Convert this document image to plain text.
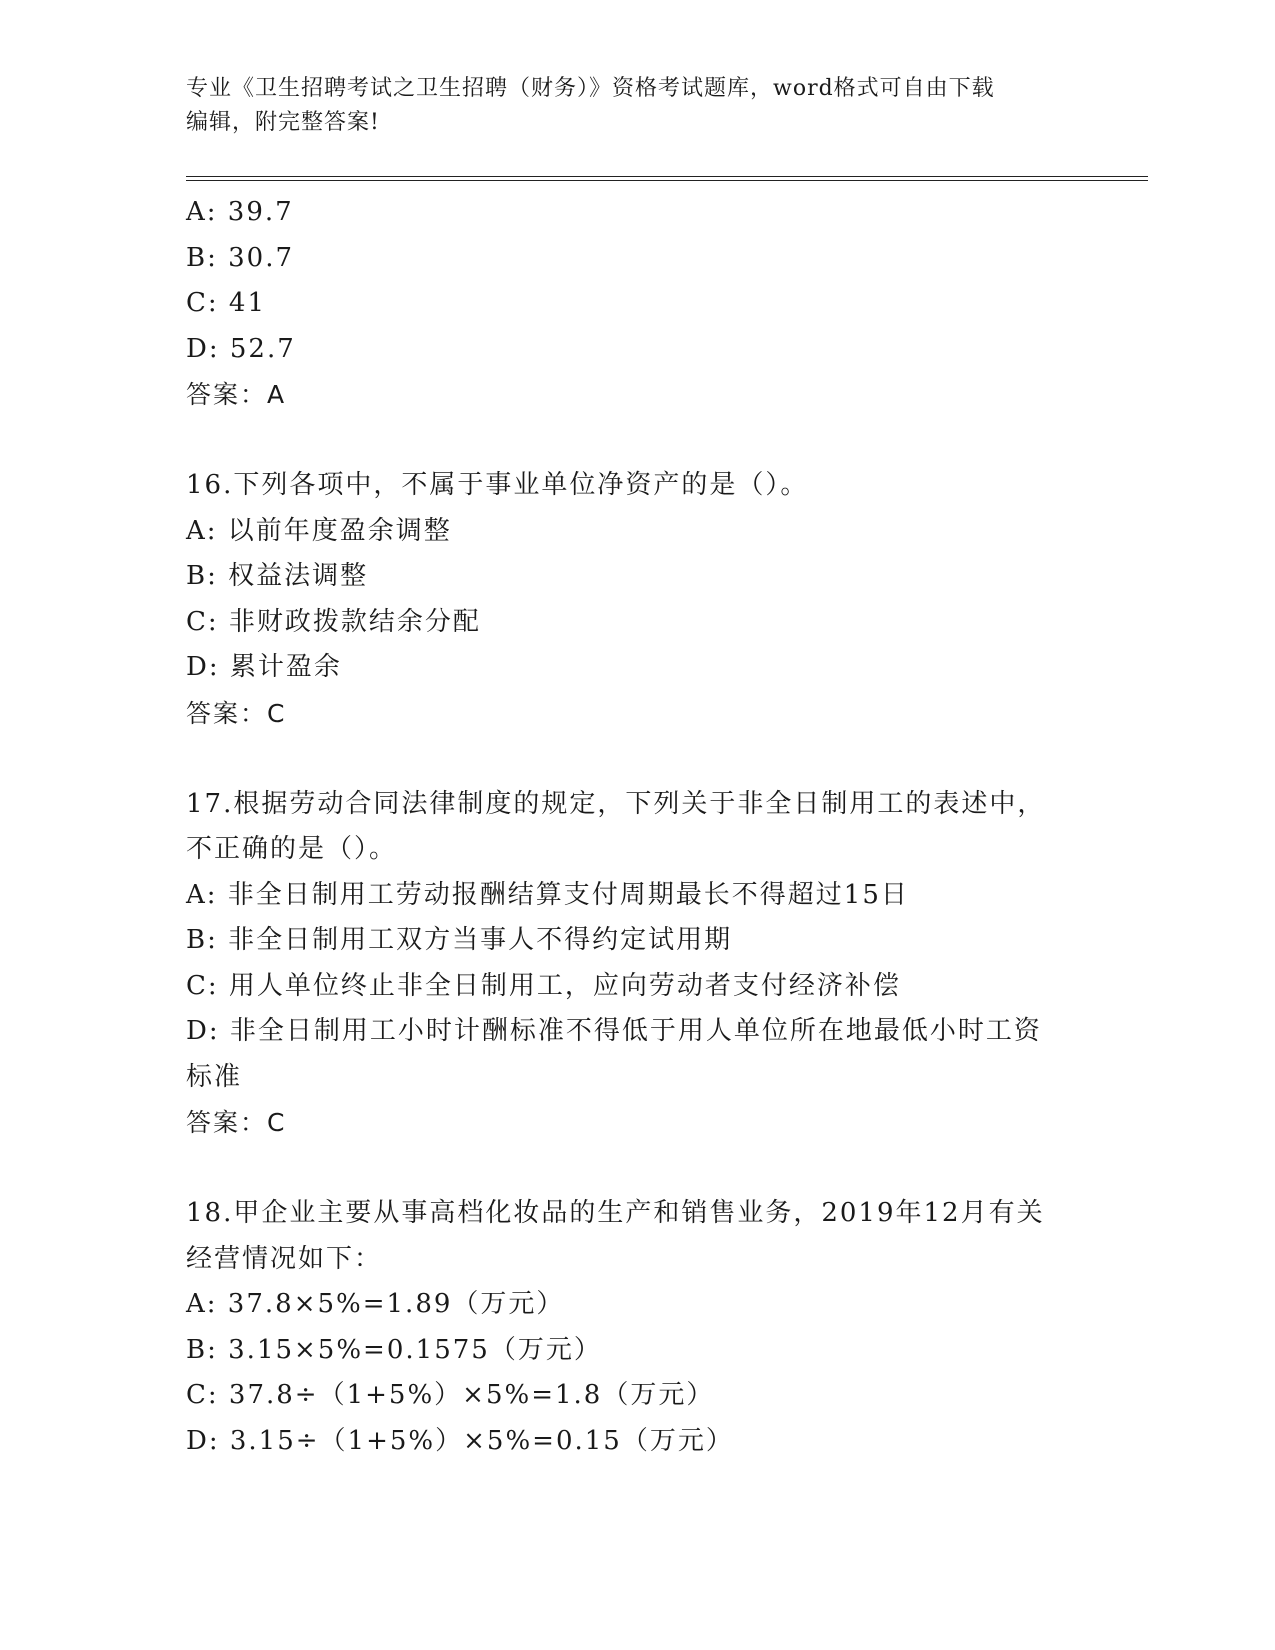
专业《卫生招聘考试之卫生招聘（财务）》资格考试题库，word格式可自由下载
编辑，附完整答案!
A: 39.7
B: 30.7
C: 41
D: 52.7
答案：A
16.下列各项中，不属于事业单位净资产的是（）。
A: 以前年度盈余调整
B: 权益法调整
C: 非财政拨款结余分配
D: 累计盈余
答案：C
17.根据劳动合同法律制度的规定，下列关于非全日制用工的表述中，
不正确的是（）。
A: 非全日制用工劳动报酬结算支付周期最长不得超过15日
B: 非全日制用工双方当事人不得约定试用期
C: 用人单位终止非全日制用工，应向劳动者支付经济补偿
D: 非全日制用工小时计酬标准不得低于用人单位所在地最低小时工资
标准
答案：C
18.甲企业主要从事高档化妆品的生产和销售业务，2019年12月有关
经营情况如下：
A: 37.8×5%=1.89（万元）
B: 3.15×5%=0.1575（万元）
C: 37.8÷（1+5%）×5%=1.8（万元）
D: 3.15÷（1+5%）×5%=0.15（万元）
